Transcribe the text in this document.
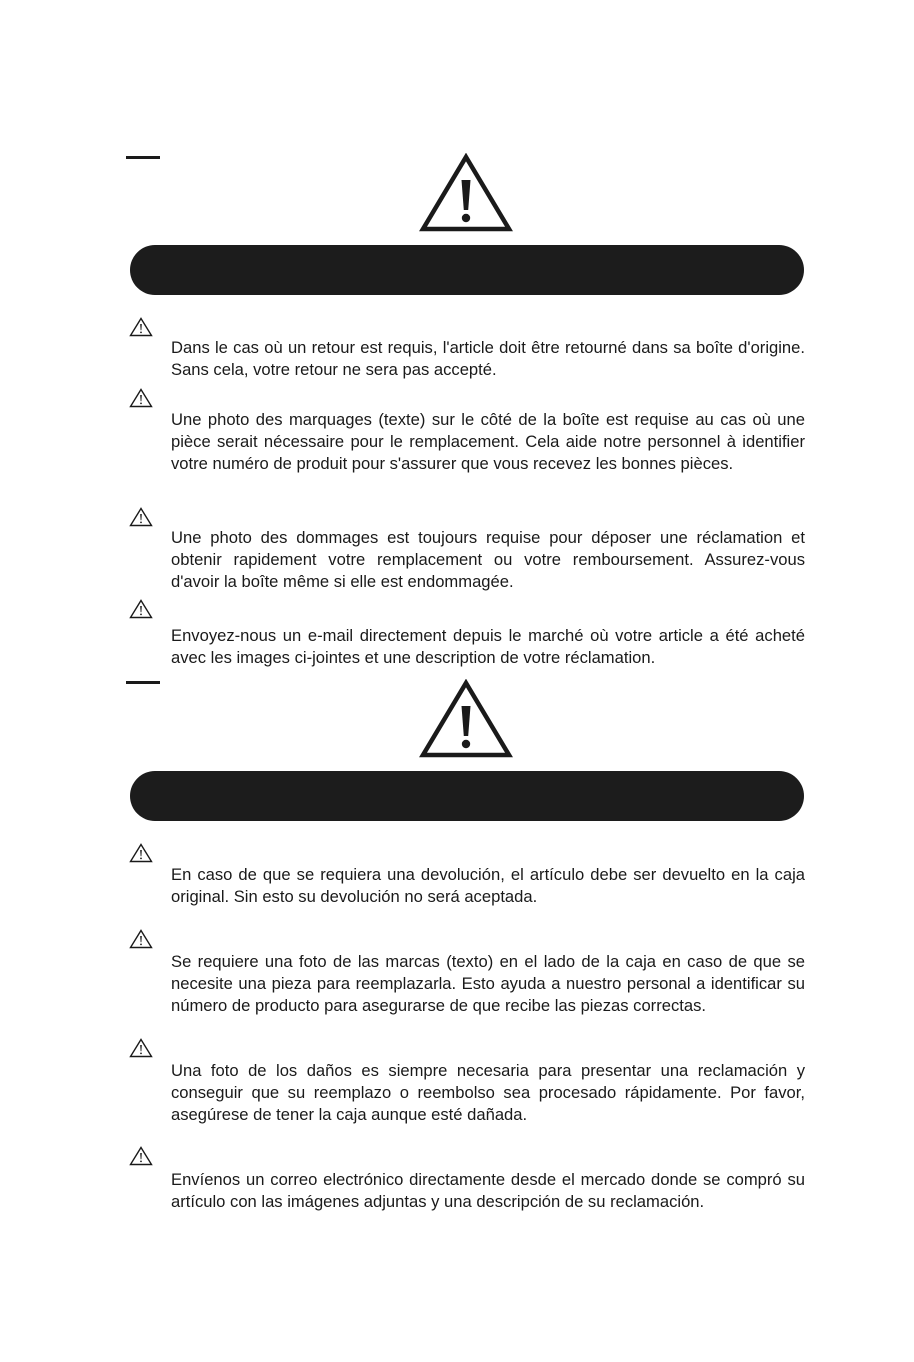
Dans le cas où un retour est requis, l'article doit être retourné dans sa boîte d'origine. Sans cela, votre retour ne sera pas accepté.

Une photo des marquages (texte) sur le côté de la boîte est requise au cas où une pièce serait nécessaire pour le remplacement. Cela aide notre personnel à identifier votre numéro de produit pour s'assurer que vous recevez les bonnes pièces.

Une photo des dommages est toujours requise pour déposer une réclamation et obtenir rapidement votre remplacement ou votre remboursement. Assurez-vous d'avoir la boîte même si elle est endommagée.

Envoyez-nous un e-mail directement depuis le marché où votre article a été acheté avec les images ci-jointes et une description de votre réclamation.

En caso de que se requiera una devolución, el artículo debe ser devuelto en la caja original. Sin esto su devolución no será aceptada.

Se requiere una foto de las marcas (texto) en el lado de la caja en caso de que se necesite una pieza para reemplazarla. Esto ayuda a nuestro personal a identificar su número de producto para asegurarse de que recibe las piezas correctas.

Una foto de los daños es siempre necesaria para presentar una reclamación y conseguir que su reemplazo o reembolso sea procesado rápidamente. Por favor, asegúrese de tener la caja aunque esté dañada.

Envíenos un correo electrónico directamente desde el mercado donde se compró su artículo con las imágenes adjuntas y una descripción de su reclamación.
